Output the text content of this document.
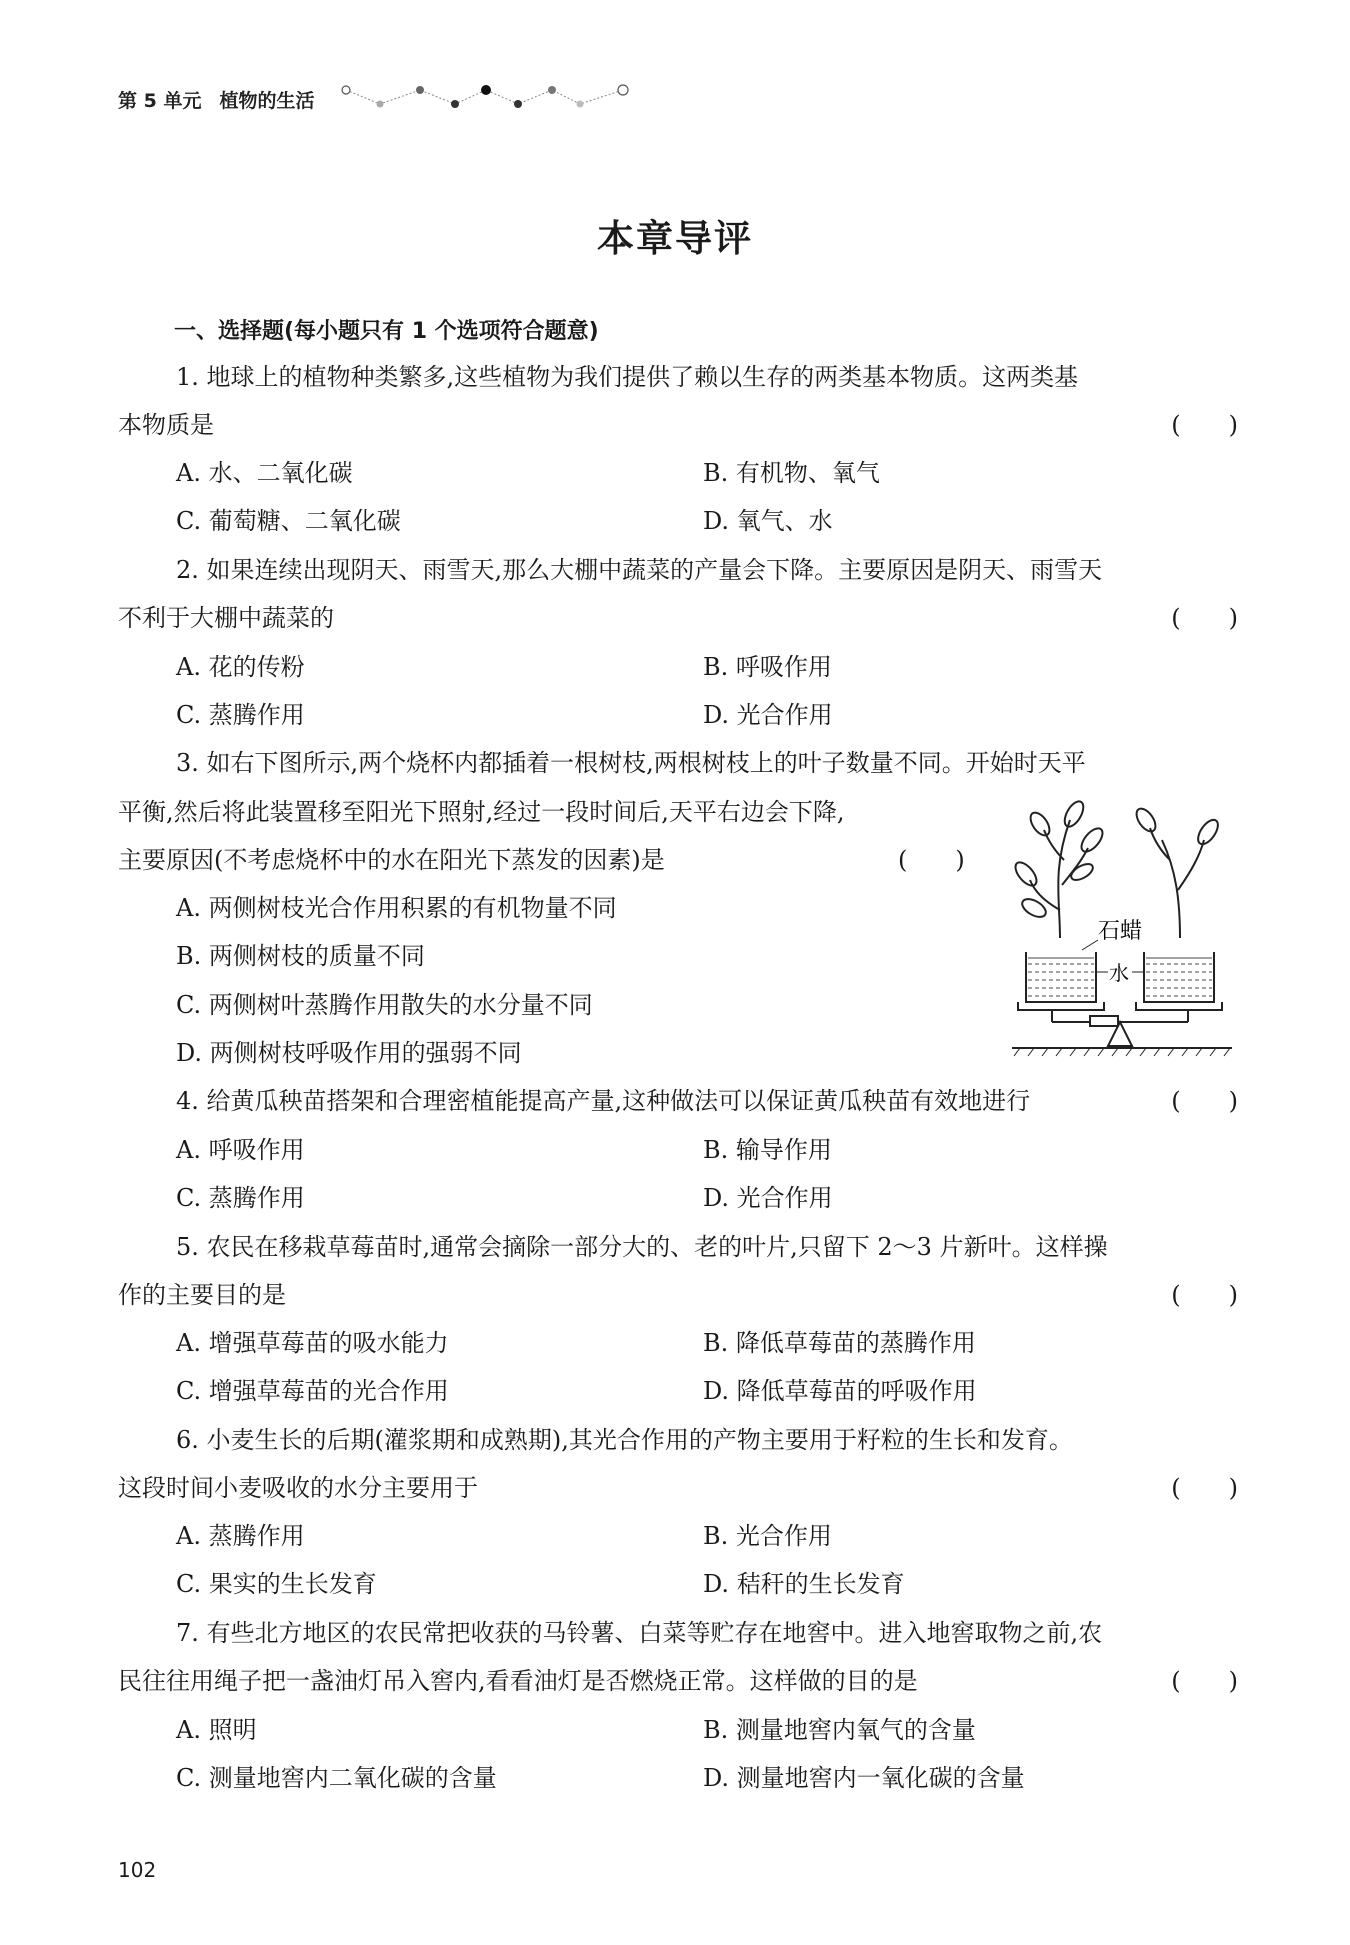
第 5 单元 植物的生活
本章导评
一、选择题(每小题只有 1 个选项符合题意)
1. 地球上的植物种类繁多,这些植物为我们提供了赖以生存的两类基本物质。这两类基
本物质是	(　　)
A. 水、二氧化碳	B. 有机物、氧气
C. 葡萄糖、二氧化碳	D. 氧气、水
2. 如果连续出现阴天、雨雪天,那么大棚中蔬菜的产量会下降。主要原因是阴天、雨雪天
不利于大棚中蔬菜的	(　　)
A. 花的传粉	B. 呼吸作用
C. 蒸腾作用	D. 光合作用
3. 如右下图所示,两个烧杯内都插着一根树枝,两根树枝上的叶子数量不同。开始时天平
平衡,然后将此装置移至阳光下照射,经过一段时间后,天平右边会下降,
主要原因(不考虑烧杯中的水在阳光下蒸发的因素)是	(　　)
A. 两侧树枝光合作用积累的有机物量不同
B. 两侧树枝的质量不同
C. 两侧树叶蒸腾作用散失的水分量不同
D. 两侧树枝呼吸作用的强弱不同
石蜡
水
4. 给黄瓜秧苗搭架和合理密植能提高产量,这种做法可以保证黄瓜秧苗有效地进行	(　　)
A. 呼吸作用	B. 输导作用
C. 蒸腾作用	D. 光合作用
5. 农民在移栽草莓苗时,通常会摘除一部分大的、老的叶片,只留下 2～3 片新叶。这样操
作的主要目的是	(　　)
A. 增强草莓苗的吸水能力	B. 降低草莓苗的蒸腾作用
C. 增强草莓苗的光合作用	D. 降低草莓苗的呼吸作用
6. 小麦生长的后期(灌浆期和成熟期),其光合作用的产物主要用于籽粒的生长和发育。
这段时间小麦吸收的水分主要用于	(　　)
A. 蒸腾作用	B. 光合作用
C. 果实的生长发育	D. 秸秆的生长发育
7. 有些北方地区的农民常把收获的马铃薯、白菜等贮存在地窖中。进入地窖取物之前,农
民往往用绳子把一盏油灯吊入窖内,看看油灯是否燃烧正常。这样做的目的是	(　　)
A. 照明	B. 测量地窖内氧气的含量
C. 测量地窖内二氧化碳的含量	D. 测量地窖内一氧化碳的含量
102
